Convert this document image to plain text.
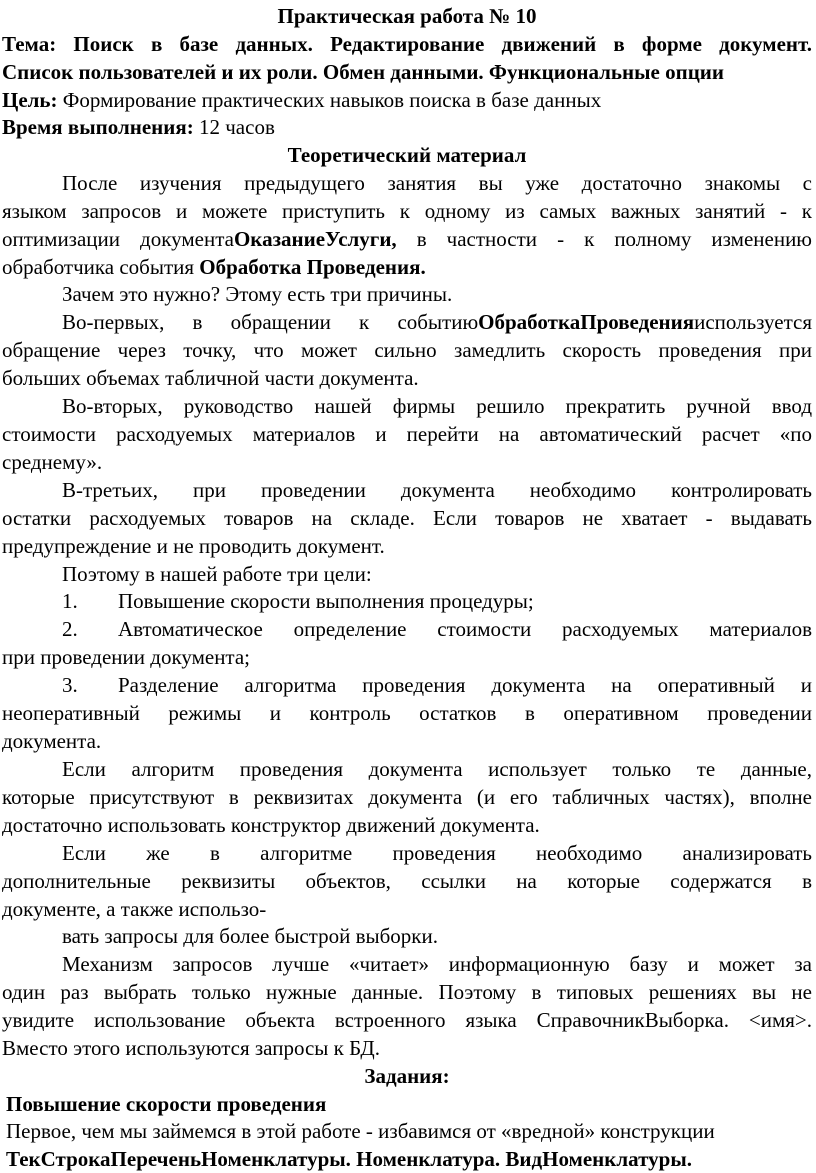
Практическая работа № 10
Тема: Поиск в базе данных. Редактирование движений в форме документ.
Список пользователей и их роли. Обмен данными. Функциональные опции
Цель: Формирование практических навыков поиска в базе данных
Время выполнения: 12 часов
Теоретический материал
После изучения предыдущего занятия вы уже достаточно знакомы с
языком запросов и можете приступить к одному из самых важных занятий - к
оптимизации документаОказаниеУслуги, в частности - к полному изменению
обработчика события Обработка Проведения.
Зачем это нужно? Этому есть три причины.
Во-первых, в обращении к событиюОбработкаПроведенияиспользуется
обращение через точку, что может сильно замедлить скорость проведения при
больших объемах табличной части документа.
Во-вторых, руководство нашей фирмы решило прекратить ручной ввод
стоимости расходуемых материалов и перейти на автоматический расчет «по
среднему».
В-третьих, при проведении документа необходимо контролировать
остатки расходуемых товаров на складе. Если товаров не хватает - выдавать
предупреждение и не проводить документ.
Поэтому в нашей работе три цели:
1. Повышение скорости выполнения процедуры;
2. Автоматическое определение стоимости расходуемых материалов
при проведении документа;
3. Разделение алгоритма проведения документа на оперативный и
неоперативный режимы и контроль остатков в оперативном проведении
документа.
Если алгоритм проведения документа использует только те данные,
которые присутствуют в реквизитах документа (и его табличных частях), вполне
достаточно использовать конструктор движений документа.
Если же в алгоритме проведения необходимо анализировать
дополнительные реквизиты объектов, ссылки на которые содержатся в
документе, а также использо-
вать запросы для более быстрой выборки.
Механизм запросов лучше «читает» информационную базу и может за
один раз выбрать только нужные данные. Поэтому в типовых решениях вы не
увидите использование объекта встроенного языка СправочникВыборка. <имя>.
Вместо этого используются запросы к БД.
Задания:
Повышение скорости проведения
Первое, чем мы займемся в этой работе - избавимся от «вредной» конструкции
ТекСтрокаПереченьНоменклатуры. Номенклатура. ВидНоменклатуры.
